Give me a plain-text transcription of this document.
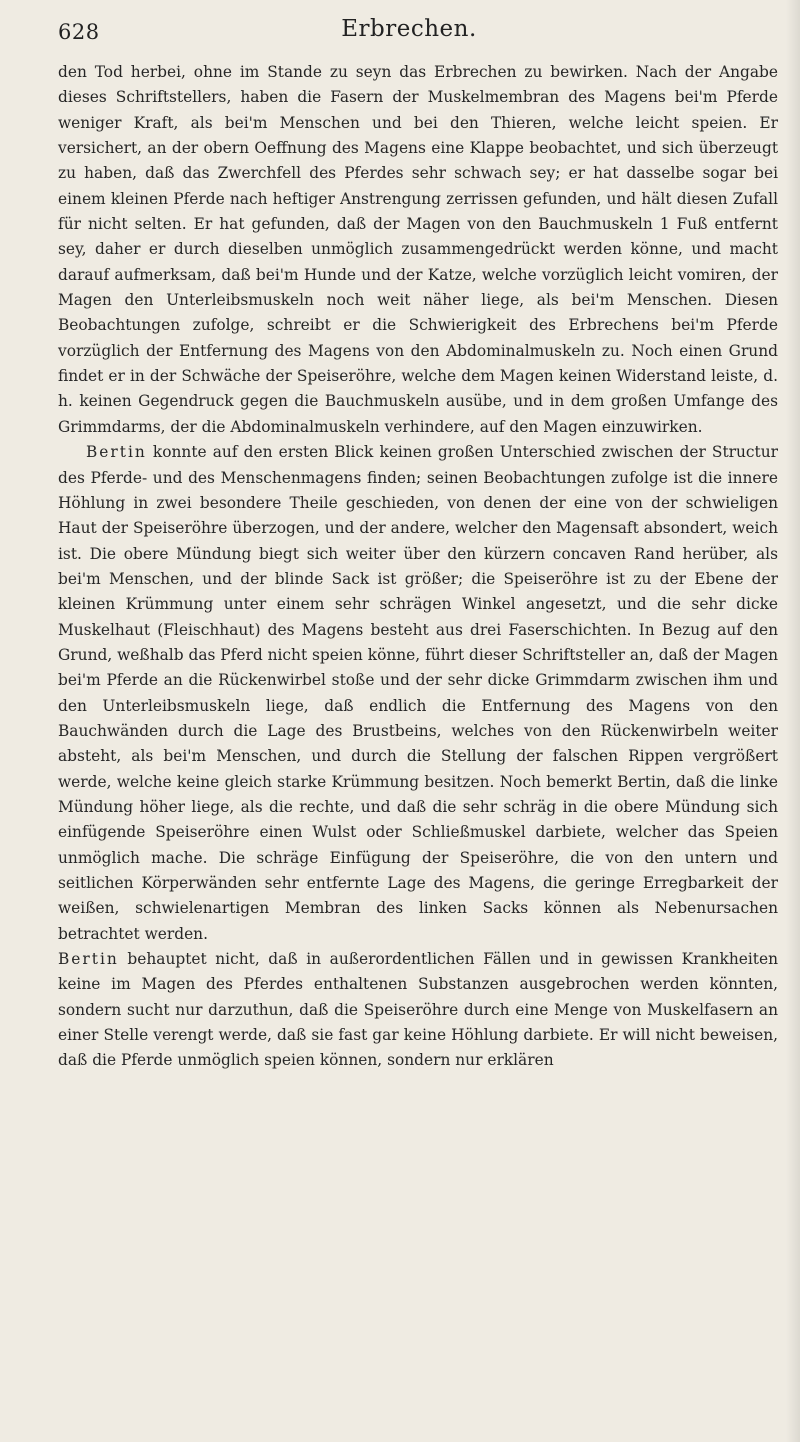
628	Erbrechen.

den Tod herbei, ohne im Stande zu seyn das Erbrechen zu bewirken. Nach der Angabe dieses Schriftstellers, haben die Fasern der Muskelmembran des Magens bei'm Pferde weniger Kraft, als bei'm Menschen und bei den Thieren, welche leicht speien. Er versichert, an der obern Oeffnung des Magens eine Klappe beobachtet, und sich überzeugt zu haben, daß das Zwerchfell des Pferdes sehr schwach sey; er hat dasselbe sogar bei einem kleinen Pferde nach heftiger Anstrengung zerrissen gefunden, und hält diesen Zufall für nicht selten. Er hat gefunden, daß der Magen von den Bauchmuskeln 1 Fuß entfernt sey, daher er durch dieselben unmöglich zusammengedrückt werden könne, und macht darauf aufmerksam, daß bei'm Hunde und der Katze, welche vorzüglich leicht vomiren, der Magen den Unterleibsmuskeln noch weit näher liege, als bei'm Menschen. Diesen Beobachtungen zufolge, schreibt er die Schwierigkeit des Erbrechens bei'm Pferde vorzüglich der Entfernung des Magens von den Abdominalmuskeln zu. Noch einen Grund findet er in der Schwäche der Speiseröhre, welche dem Magen keinen Widerstand leiste, d. h. keinen Gegendruck gegen die Bauchmuskeln ausübe, und in dem großen Umfange des Grimmdarms, der die Abdominalmuskeln verhindere, auf den Magen einzuwirken.

Bertin konnte auf den ersten Blick keinen großen Unterschied zwischen der Structur des Pferde- und des Menschenmagens finden; seinen Beobachtungen zufolge ist die innere Höhlung in zwei besondere Theile geschieden, von denen der eine von der schwieligen Haut der Speiseröhre überzogen, und der andere, welcher den Magensaft absondert, weich ist. Die obere Mündung biegt sich weiter über den kürzern concaven Rand herüber, als bei'm Menschen, und der blinde Sack ist größer; die Speiseröhre ist zu der Ebene der kleinen Krümmung unter einem sehr schrägen Winkel angesetzt, und die sehr dicke Muskelhaut (Fleischhaut) des Magens besteht aus drei Faserschichten. In Bezug auf den Grund, weßhalb das Pferd nicht speien könne, führt dieser Schriftsteller an, daß der Magen bei'm Pferde an die Rückenwirbel stoße und der sehr dicke Grimmdarm zwischen ihm und den Unterleibsmuskeln liege, daß endlich die Entfernung des Magens von den Bauchwänden durch die Lage des Brustbeins, welches von den Rückenwirbeln weiter absteht, als bei'm Menschen, und durch die Stellung der falschen Rippen vergrößert werde, welche keine gleich starke Krümmung besitzen. Noch bemerkt Bertin, daß die linke Mündung höher liege, als die rechte, und daß die sehr schräg in die obere Mündung sich einfügende Speiseröhre einen Wulst oder Schließmuskel darbiete, welcher das Speien unmöglich mache. Die schräge Einfügung der Speiseröhre, die von den untern und seitlichen Körperwänden sehr entfernte Lage des Magens, die geringe Erregbarkeit der weißen, schwielenartigen Membran des linken Sacks können als Nebenursachen betrachtet werden.

Bertin behauptet nicht, daß in außerordentlichen Fällen und in gewissen Krankheiten keine im Magen des Pferdes enthaltenen Substanzen ausgebrochen werden könnten, sondern sucht nur darzuthun, daß die Speiseröhre durch eine Menge von Muskelfasern an einer Stelle verengt werde, daß sie fast gar keine Höhlung darbiete. Er will nicht beweisen, daß die Pferde unmöglich speien können, sondern nur erklären
